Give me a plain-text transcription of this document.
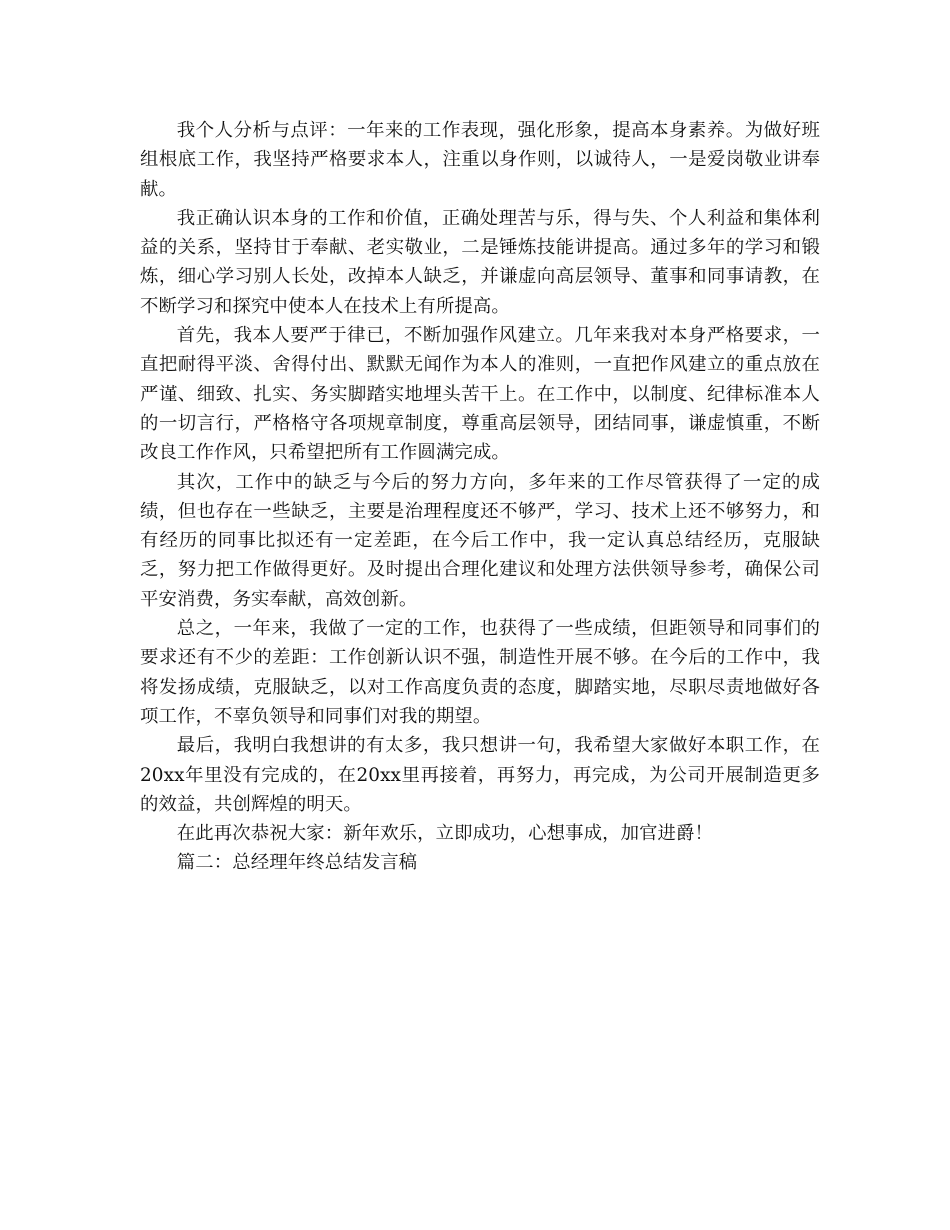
我个人分析与点评：一年来的工作表现，强化形象，提高本身素养。为做好班组根底工作，我坚持严格要求本人，注重以身作则，以诚待人，一是爱岗敬业讲奉献。

我正确认识本身的工作和价值，正确处理苦与乐，得与失、个人利益和集体利益的关系，坚持甘于奉献、老实敬业，二是锤炼技能讲提高。通过多年的学习和锻炼，细心学习别人长处，改掉本人缺乏，并谦虚向高层领导、董事和同事请教，在不断学习和探究中使本人在技术上有所提高。

首先，我本人要严于律已，不断加强作风建立。几年来我对本身严格要求，一直把耐得平淡、舍得付出、默默无闻作为本人的准则，一直把作风建立的重点放在严谨、细致、扎实、务实脚踏实地埋头苦干上。在工作中，以制度、纪律标准本人的一切言行，严格格守各项规章制度，尊重高层领导，团结同事，谦虚慎重，不断改良工作作风，只希望把所有工作圆满完成。

其次，工作中的缺乏与今后的努力方向，多年来的工作尽管获得了一定的成绩，但也存在一些缺乏，主要是治理程度还不够严，学习、技术上还不够努力，和有经历的同事比拟还有一定差距，在今后工作中，我一定认真总结经历，克服缺乏，努力把工作做得更好。及时提出合理化建议和处理方法供领导参考，确保公司平安消费，务实奉献，高效创新。

总之，一年来，我做了一定的工作，也获得了一些成绩，但距领导和同事们的要求还有不少的差距：工作创新认识不强，制造性开展不够。在今后的工作中，我将发扬成绩，克服缺乏，以对工作高度负责的态度，脚踏实地，尽职尽责地做好各项工作，不辜负领导和同事们对我的期望。

最后，我明白我想讲的有太多，我只想讲一句，我希望大家做好本职工作，在20xx年里没有完成的，在20xx里再接着，再努力，再完成，为公司开展制造更多的效益，共创辉煌的明天。

在此再次恭祝大家：新年欢乐，立即成功，心想事成，加官进爵！

篇二：总经理年终总结发言稿
